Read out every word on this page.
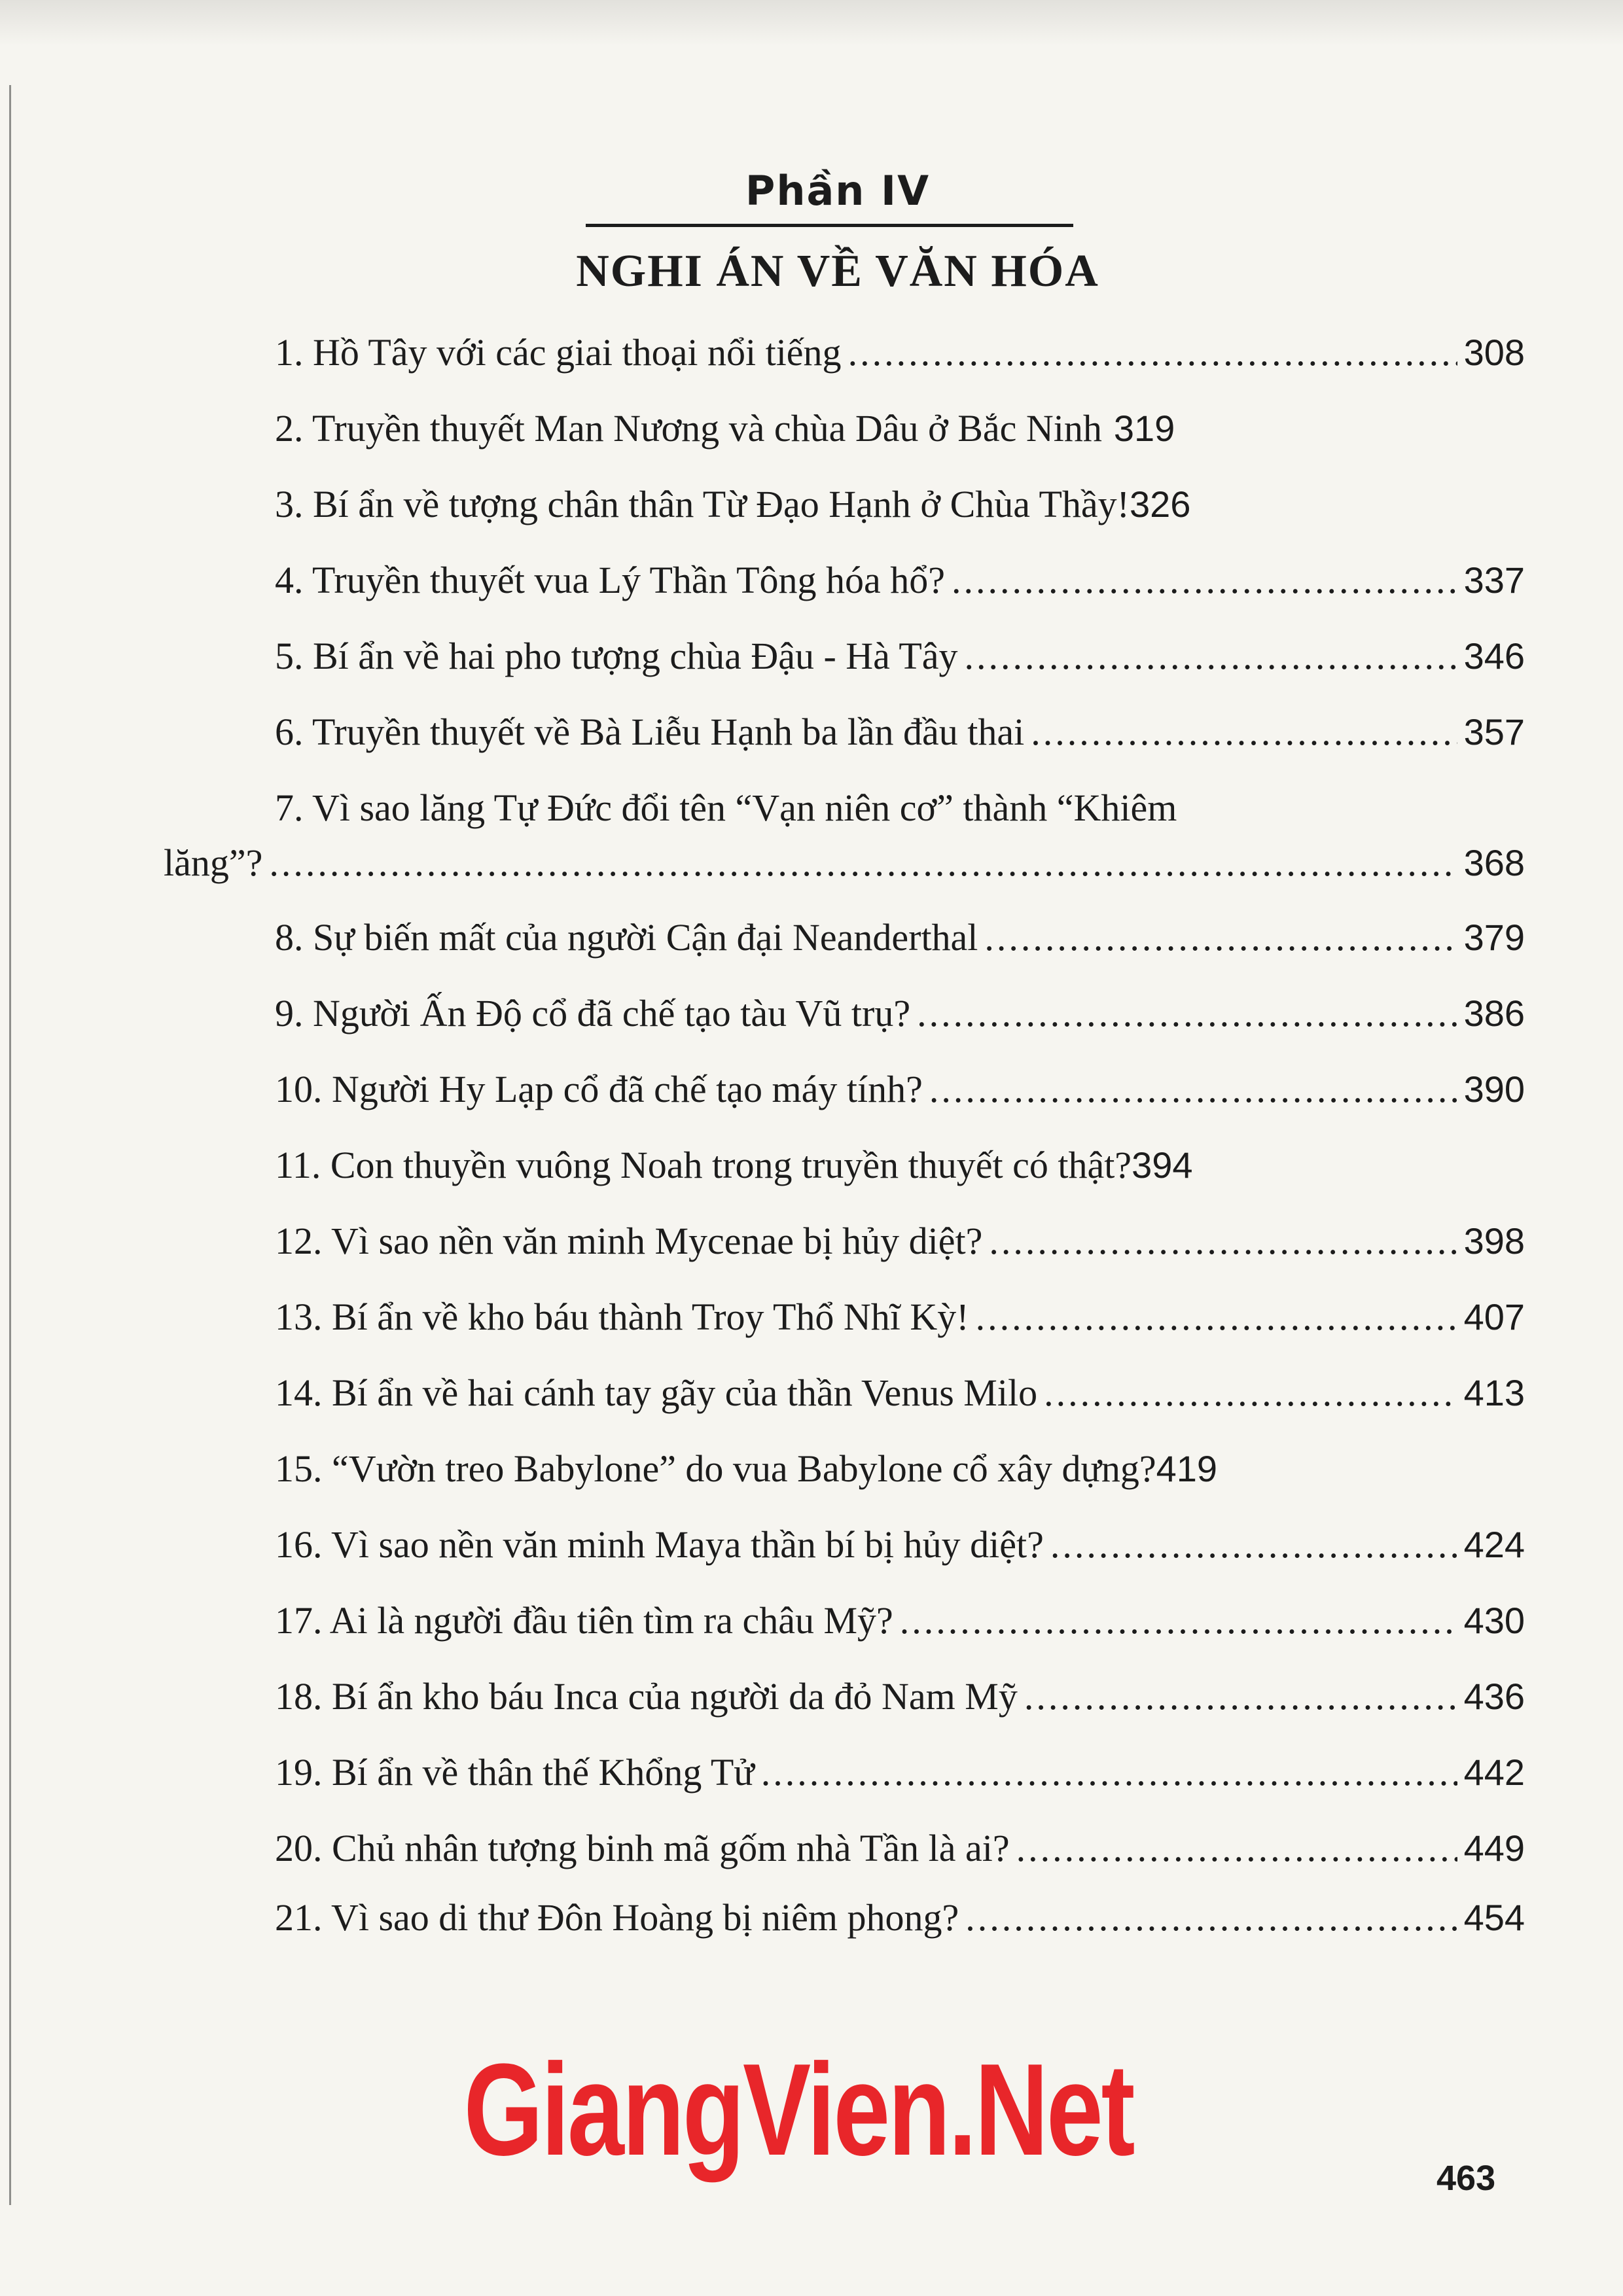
Phần IV
NGHI ÁN VỀ VĂN HÓA
1. Hồ Tây với các giai thoại nổi tiếng .....	308
2. Truyền thuyết Man Nương và chùa Dâu ở Bắc Ninh 319
3. Bí ẩn về tượng chân thân Từ Đạo Hạnh ở Chùa Thầy! 326
4. Truyền thuyết vua Lý Thần Tông hóa hổ? .....	337
5. Bí ẩn về hai pho tượng chùa Đậu - Hà Tây .....	346
6. Truyền thuyết về Bà Liễu Hạnh ba lần đầu thai .....	357
7. Vì sao lăng Tự Đức đổi tên “Vạn niên cơ” thành “Khiêm
lăng”? .....	368
8. Sự biến mất của người Cận đại Neanderthal .....	379
9. Người Ấn Độ cổ đã chế tạo tàu Vũ trụ? .....	386
10. Người Hy Lạp cổ đã chế tạo máy tính? .....	390
11. Con thuyền vuông Noah trong truyền thuyết có thật? 394
12. Vì sao nền văn minh Mycenae bị hủy diệt? .....	398
13. Bí ẩn về kho báu thành Troy Thổ Nhĩ Kỳ! .....	407
14. Bí ẩn về hai cánh tay gãy của thần Venus Milo .....	413
15. “Vườn treo Babylone” do vua Babylone cổ xây dựng? 419
16. Vì sao nền văn minh Maya thần bí bị hủy diệt? .....	424
17. Ai là người đầu tiên tìm ra châu Mỹ? .....	430
18. Bí ẩn kho báu Inca của người da đỏ Nam Mỹ .....	436
19. Bí ẩn về thân thế Khổng Tử .....	442
20. Chủ nhân tượng binh mã gốm nhà Tần là ai? .....	449
21. Vì sao di thư Đôn Hoàng bị niêm phong? .....	454
GiangVien.Net	463
